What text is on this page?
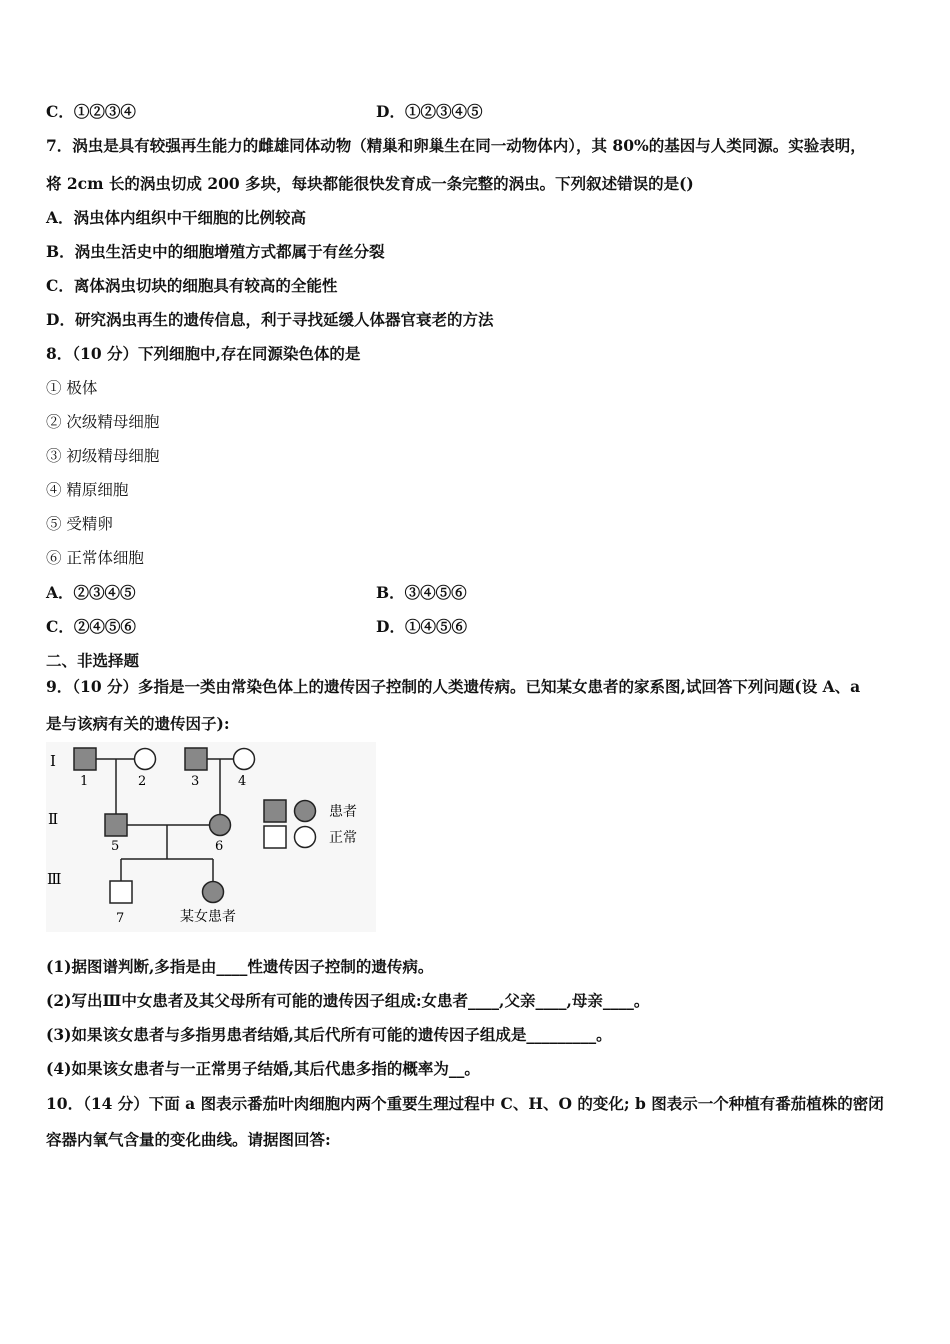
C．①②③④	D．①②③④⑤
7．涡虫是具有较强再生能力的雌雄同体动物（精巢和卵巢生在同一动物体内），其 80%的基因与人类同源。实验表明，
将 2cm 长的涡虫切成 200 多块，每块都能很快发育成一条完整的涡虫。下列叙述错误的是()
A．涡虫体内组织中干细胞的比例较高
B．涡虫生活史中的细胞增殖方式都属于有丝分裂
C．离体涡虫切块的细胞具有较高的全能性
D．研究涡虫再生的遗传信息，利于寻找延缓人体器官衰老的方法
8．（10 分）下列细胞中,存在同源染色体的是
① 极体
② 次级精母细胞
③ 初级精母细胞
④ 精原细胞
⑤ 受精卵
⑥ 正常体细胞
A．②③④⑤	B．③④⑤⑥
C．②④⑤⑥	D．①④⑤⑥
二、非选择题
9．（10 分）多指是一类由常染色体上的遗传因子控制的人类遗传病。已知某女患者的家系图,试回答下列问题(设 A、a
是与该病有关的遗传因子):
Ⅰ
Ⅱ
Ⅲ
1	2	3	4
5	6
7	某女患者
患者
正常
(1)据图谱判断,多指是由____性遗传因子控制的遗传病。
(2)写出Ⅲ中女患者及其父母所有可能的遗传因子组成:女患者____,父亲____,母亲____。
(3)如果该女患者与多指男患者结婚,其后代所有可能的遗传因子组成是_________。
(4)如果该女患者与一正常男子结婚,其后代患多指的概率为__。
10．（14 分）下面 a 图表示番茄叶肉细胞内两个重要生理过程中 C、H、O 的变化; b 图表示一个种植有番茄植株的密闭
容器内氧气含量的变化曲线。请据图回答:
